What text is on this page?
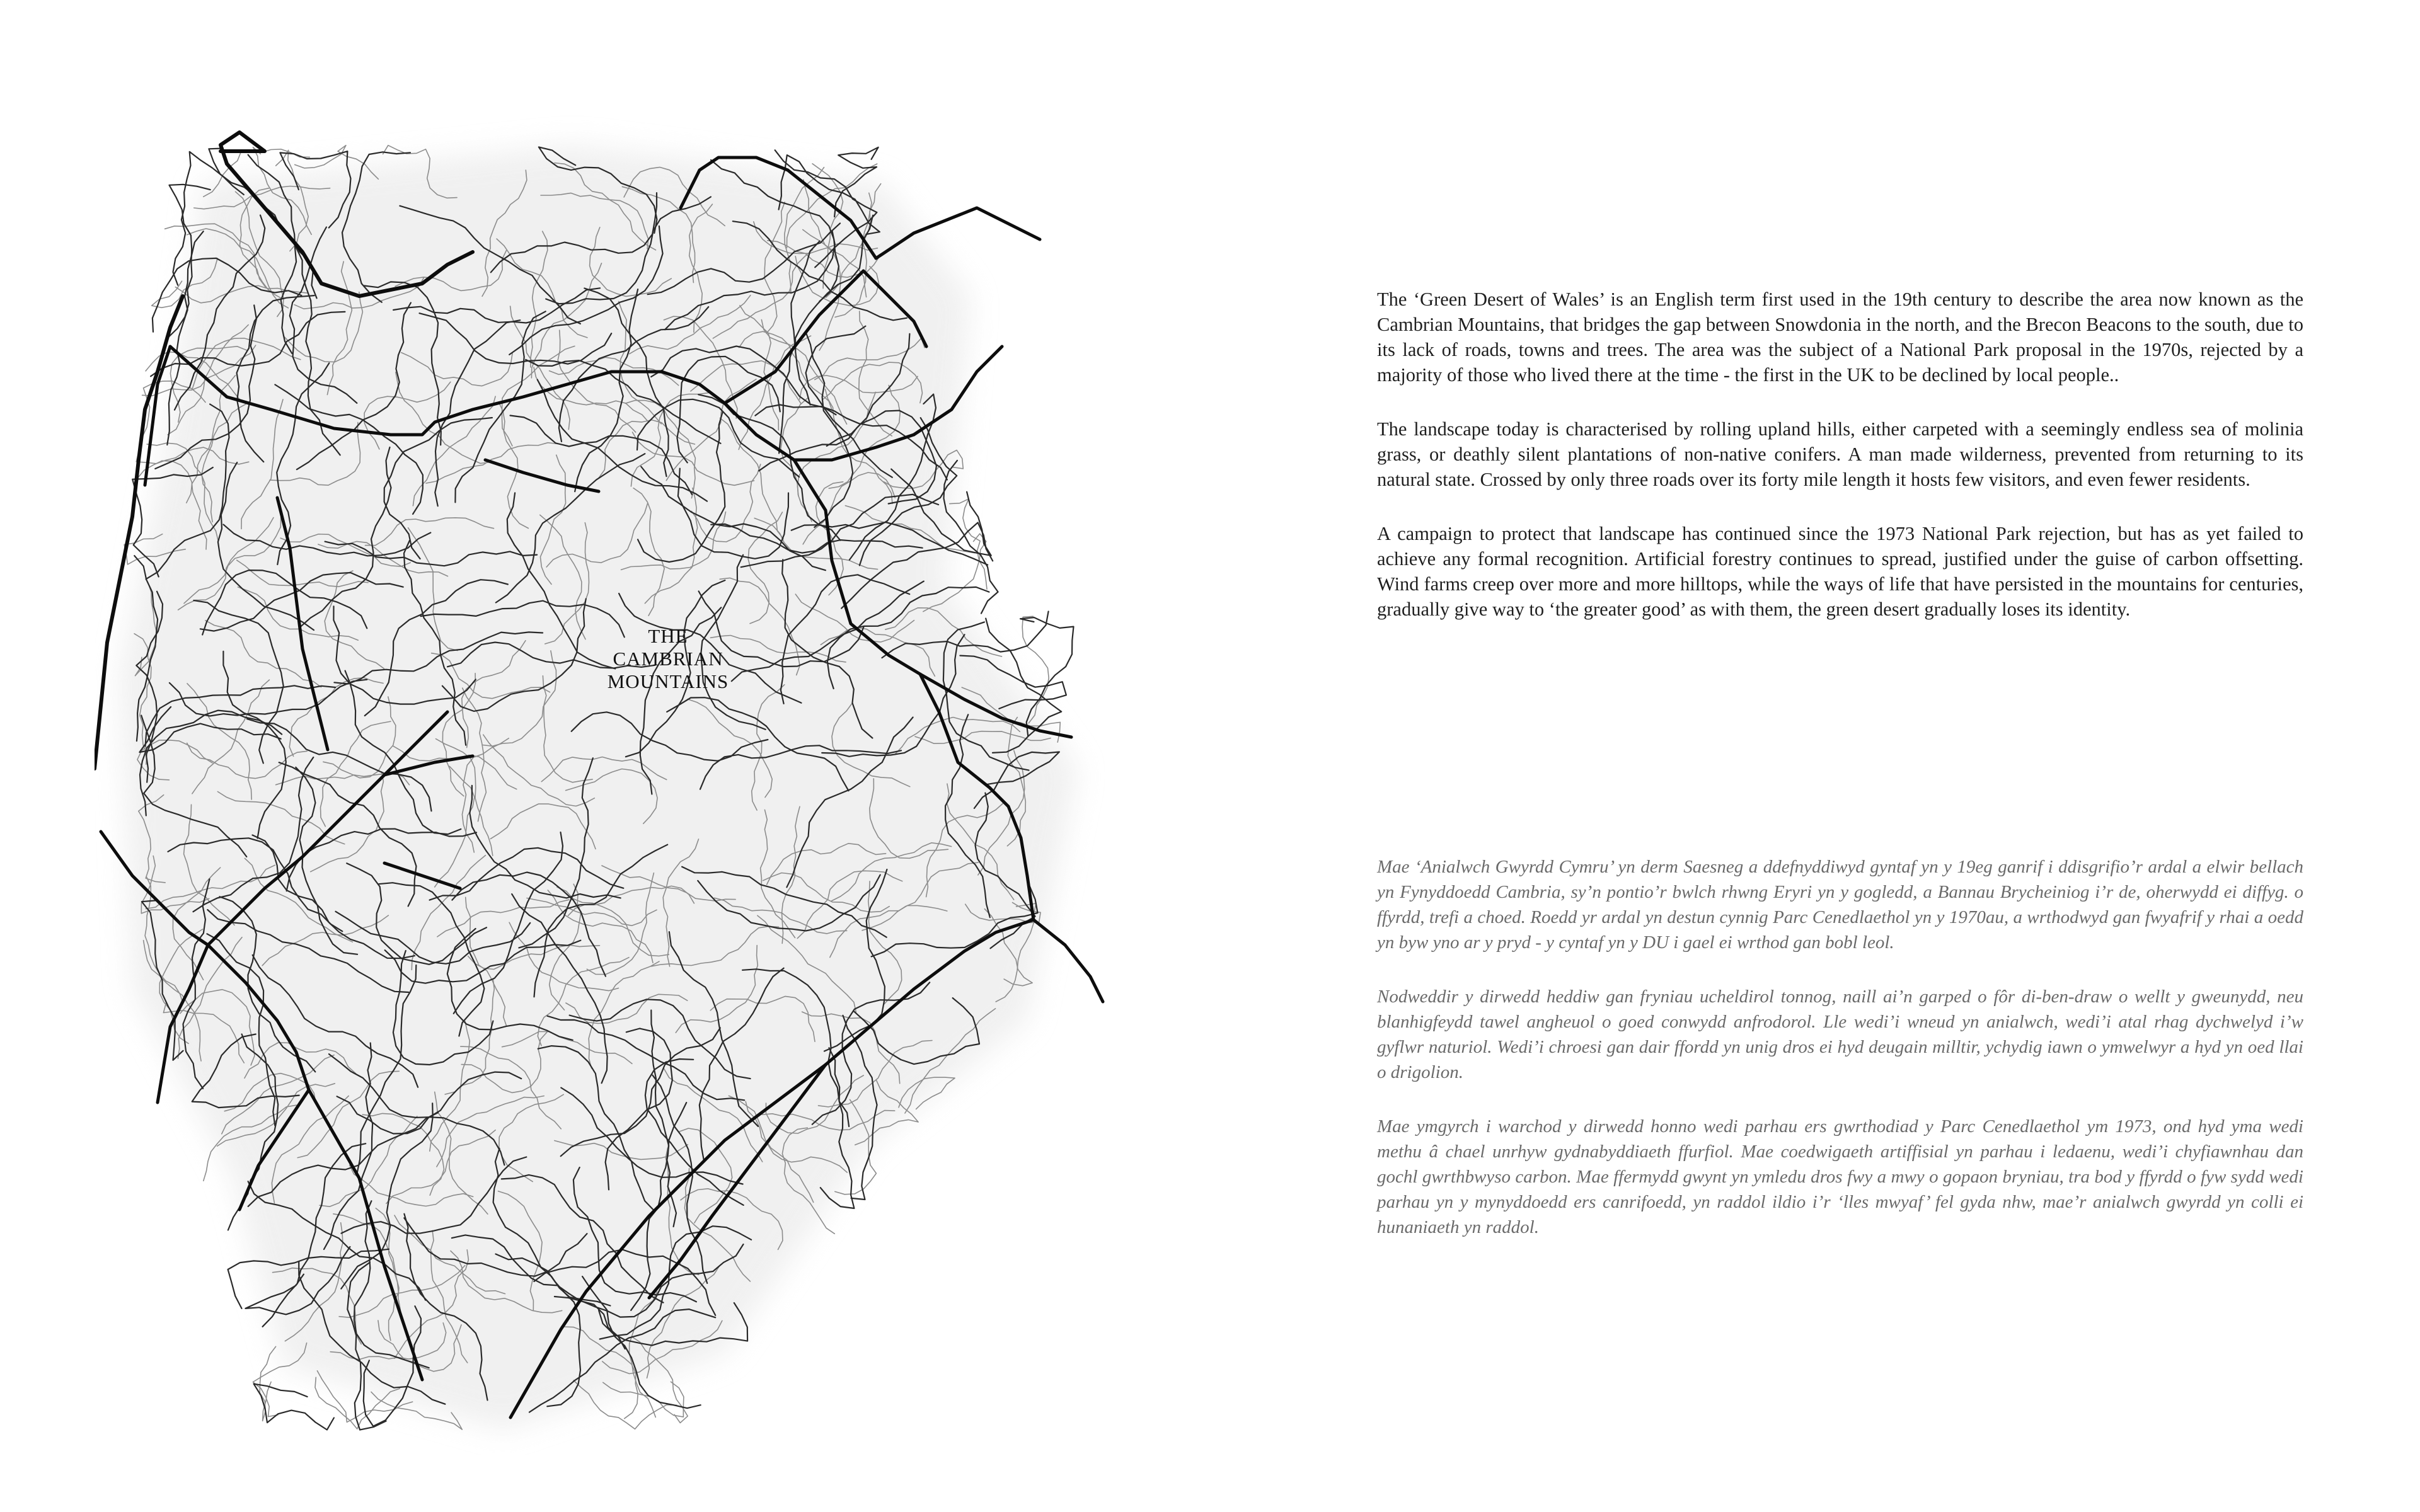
THE
CAMBRIAN
MOUNTAINS

The ‘Green Desert of Wales’ is an English term first used in the 19th century to describe the area now known as the Cambrian Mountains, that bridges the gap between Snowdonia in the north, and the Brecon Beacons to the south, due to its lack of roads, towns and trees. The area was the subject of a National Park proposal in the 1970s, rejected by a majority of those who lived there at the time - the first in the UK to be declined by local people..

The landscape today is characterised by rolling upland hills, either carpeted with a seemingly endless sea of molinia grass, or deathly silent plantations of non-native conifers. A man made wilderness, prevented from returning to its natural state. Crossed by only three roads over its forty mile length it hosts few visitors, and even fewer residents.

A campaign to protect that landscape has continued since the 1973 National Park rejection, but has as yet failed to achieve any formal recognition. Artificial forestry continues to spread, justified under the guise of carbon offsetting. Wind farms creep over more and more hilltops, while the ways of life that have persisted in the mountains for centuries, gradually give way to ‘the greater good’ as with them, the green desert gradually loses its identity.

Mae ‘Anialwch Gwyrdd Cymru’ yn derm Saesneg a ddefnyddiwyd gyntaf yn y 19eg ganrif i ddisgrifio’r ardal a elwir bellach yn Fynyddoedd Cambria, sy’n pontio’r bwlch rhwng Eryri yn y gogledd, a Bannau Brycheiniog i’r de, oherwydd ei diffyg. o ffyrdd, trefi a choed. Roedd yr ardal yn destun cynnig Parc Cenedlaethol yn y 1970au, a wrthodwyd gan fwyafrif y rhai a oedd yn byw yno ar y pryd - y cyntaf yn y DU i gael ei wrthod gan bobl leol.

Nodweddir y dirwedd heddiw gan fryniau ucheldirol tonnog, naill ai’n garped o fôr di-ben-draw o wellt y gweunydd, neu blanhigfeydd tawel angheuol o goed conwydd anfrodorol. Lle wedi’i wneud yn anialwch, wedi’i atal rhag dychwelyd i’w gyflwr naturiol. Wedi’i chroesi gan dair ffordd yn unig dros ei hyd deugain milltir, ychydig iawn o ymwelwyr a hyd yn oed llai o drigolion.

Mae ymgyrch i warchod y dirwedd honno wedi parhau ers gwrthodiad y Parc Cenedlaethol ym 1973, ond hyd yma wedi methu â chael unrhyw gydnabyddiaeth ffurfiol. Mae coedwigaeth artiffisial yn parhau i ledaenu, wedi’i chyfiawnhau dan gochl gwrthbwyso carbon. Mae ffermydd gwynt yn ymledu dros fwy a mwy o gopaon bryniau, tra bod y ffyrdd o fyw sydd wedi parhau yn y mynyddoedd ers canrifoedd, yn raddol ildio i’r ‘lles mwyaf’ fel gyda nhw, mae’r anialwch gwyrdd yn colli ei hunaniaeth yn raddol.
